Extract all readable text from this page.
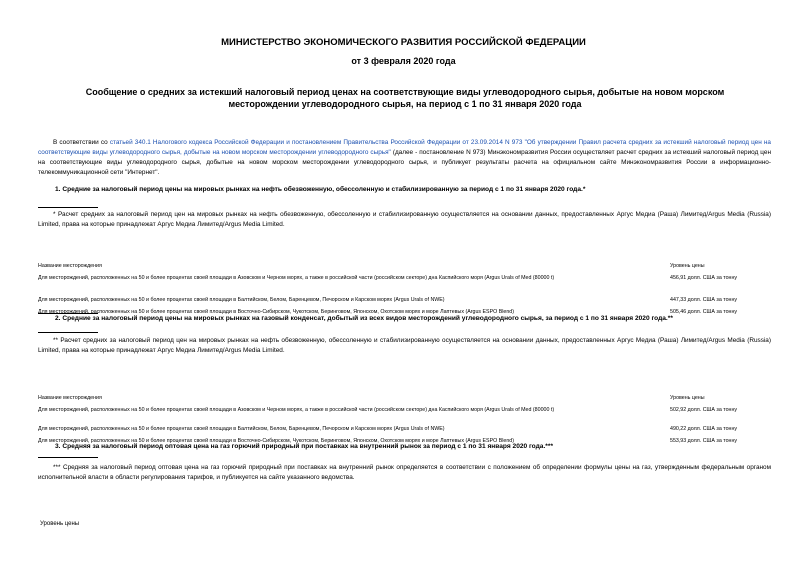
МИНИСТЕРСТВО ЭКОНОМИЧЕСКОГО РАЗВИТИЯ РОССИЙСКОЙ ФЕДЕРАЦИИ
от 3 февраля 2020 года
Сообщение о средних за истекший налоговый период ценах на соответствующие виды углеводородного сырья, добытые на новом морском месторождении углеводородного сырья, на период с 1 по 31 января 2020 года
В соответствии со статьей 340.1 Налогового кодекса Российской Федерации и постановлением Правительства Российской Федерации от 23.09.2014 N 973 "Об утверждении Правил расчета средних за истекший налоговый период цен на соответствующие виды углеводородного сырья, добытые на новом морском месторождении углеводородного сырья" (далее - постановление N 973) Минэкономразвития России осуществляет расчет средних за истекший налоговый период цен на соответствующие виды углеводородного сырья, добытые на новом морском месторождении углеводородного сырья, и публикует результаты расчета на официальном сайте Минэкономразвития России в информационно-телекоммуникационной сети "Интернет".
1. Средние за налоговый период цены на мировых рынках на нефть обезвоженную, обессоленную и стабилизированную за период с 1 по 31 января 2020 года.*
* Расчет средних за налоговый период цен на мировых рынках на нефть обезвоженную, обессоленную и стабилизированную осуществляется на основании данных, предоставленных Аргус Медиа (Раша) Лимитед/Argus Media (Russia) Limited, права на которые принадлежат Аргус Медиа Лимитед/Argus Media Limited.
Название месторождения	Уровень цены
Для месторождений, расположенных на 50 и более процентах своей площади в Азовском и Черном морях, а также в российской части (российском секторе) дна Каспийского моря (Argus Urals of Med (80000 t)	456,91 долл. США за тонну
Для месторождений, расположенных на 50 и более процентах своей площади в Балтийском, Белом, Баренцевом, Печорском и Карском морях (Argus Urals of NWE)	447,33 долл. США за тонну
Для месторождений, расположенных на 50 и более процентах своей площади в Восточно-Сибирском, Чукотском, Беринговом, Японском, Охотском морях и море Лаптевых (Argus ESPO Blend)	505,46 долл. США за тонну
2. Средние за налоговый период цены на мировых рынках на газовый конденсат, добытый из всех видов месторождений углеводородного сырья, за период с 1 по 31 января 2020 года.**
** Расчет средних за налоговый период цен на мировых рынках на нефть обезвоженную, обессоленную и стабилизированную осуществляется на основании данных, предоставленных Аргус Медиа (Раша) Лимитед/Argus Media (Russia) Limited, права на которые принадлежат Аргус Медиа Лимитед/Argus Media Limited.
Название месторождения	Уровень цены
Для месторождений, расположенных на 50 и более процентах своей площади в Азовском и Черном морях, а также в российской части (российском секторе) дна Каспийского моря (Argus Urals of Med (80000 t)	502,92 долл. США за тонну
Для месторождений, расположенных на 50 и более процентах своей площади в Балтийском, Белом, Баренцевом, Печорском и Карском морях (Argus Urals of NWE)	490,22 долл. США за тонну
Для месторождений, расположенных на 50 и более процентах своей площади в Восточно-Сибирском, Чукотском, Беринговом, Японском, Охотском морях и море Лаптевых (Argus ESPO Blend)	553,93 долл. США за тонну
3. Средняя за налоговый период оптовая цена на газ горючий природный при поставках на внутренний рынок за период с 1 по 31 января 2020 года.***
*** Средняя за налоговый период оптовая цена на газ горючий природный при поставках на внутренний рынок определяется в соответствии с положением об определении формулы цены на газ, утвержденным федеральным органом исполнительной власти в области регулирования тарифов, и публикуется на сайте указанного ведомства.
Уровень цены
